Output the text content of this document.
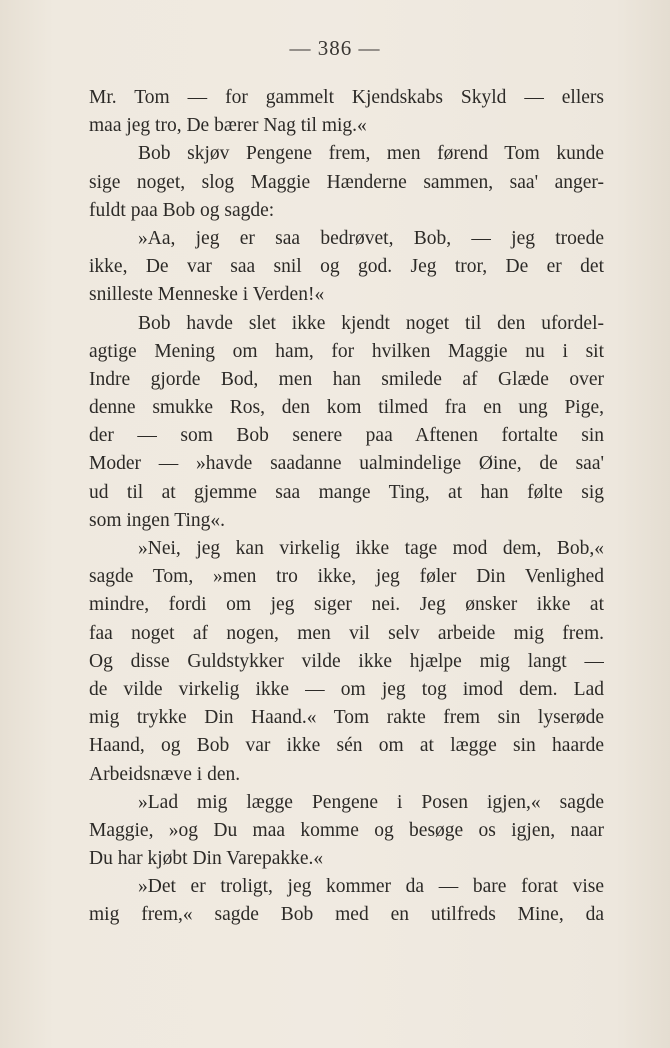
— 386 —
Mr. Tom — for gammelt Kjendskabs Skyld — ellers
maa jeg tro, De bærer Nag til mig.«
Bob skjøv Pengene frem, men førend Tom kunde
sige noget, slog Maggie Hænderne sammen, saa' anger-
fuldt paa Bob og sagde:
»Aa, jeg er saa bedrøvet, Bob, — jeg troede
ikke, De var saa snil og god. Jeg tror, De er det
snilleste Menneske i Verden!«
Bob havde slet ikke kjendt noget til den ufordel-
agtige Mening om ham, for hvilken Maggie nu i sit
Indre gjorde Bod, men han smilede af Glæde over
denne smukke Ros, den kom tilmed fra en ung Pige,
der — som Bob senere paa Aftenen fortalte sin
Moder — »havde saadanne ualmindelige Øine, de saa'
ud til at gjemme saa mange Ting, at han følte sig
som ingen Ting«.
»Nei, jeg kan virkelig ikke tage mod dem, Bob,«
sagde Tom, »men tro ikke, jeg føler Din Venlighed
mindre, fordi om jeg siger nei. Jeg ønsker ikke at
faa noget af nogen, men vil selv arbeide mig frem.
Og disse Guldstykker vilde ikke hjælpe mig langt —
de vilde virkelig ikke — om jeg tog imod dem. Lad
mig trykke Din Haand.« Tom rakte frem sin lyserøde
Haand, og Bob var ikke sén om at lægge sin haarde
Arbeidsnæve i den.
»Lad mig lægge Pengene i Posen igjen,« sagde
Maggie, »og Du maa komme og besøge os igjen, naar
Du har kjøbt Din Varepakke.«
»Det er troligt, jeg kommer da — bare forat vise
mig frem,« sagde Bob med en utilfreds Mine, da
